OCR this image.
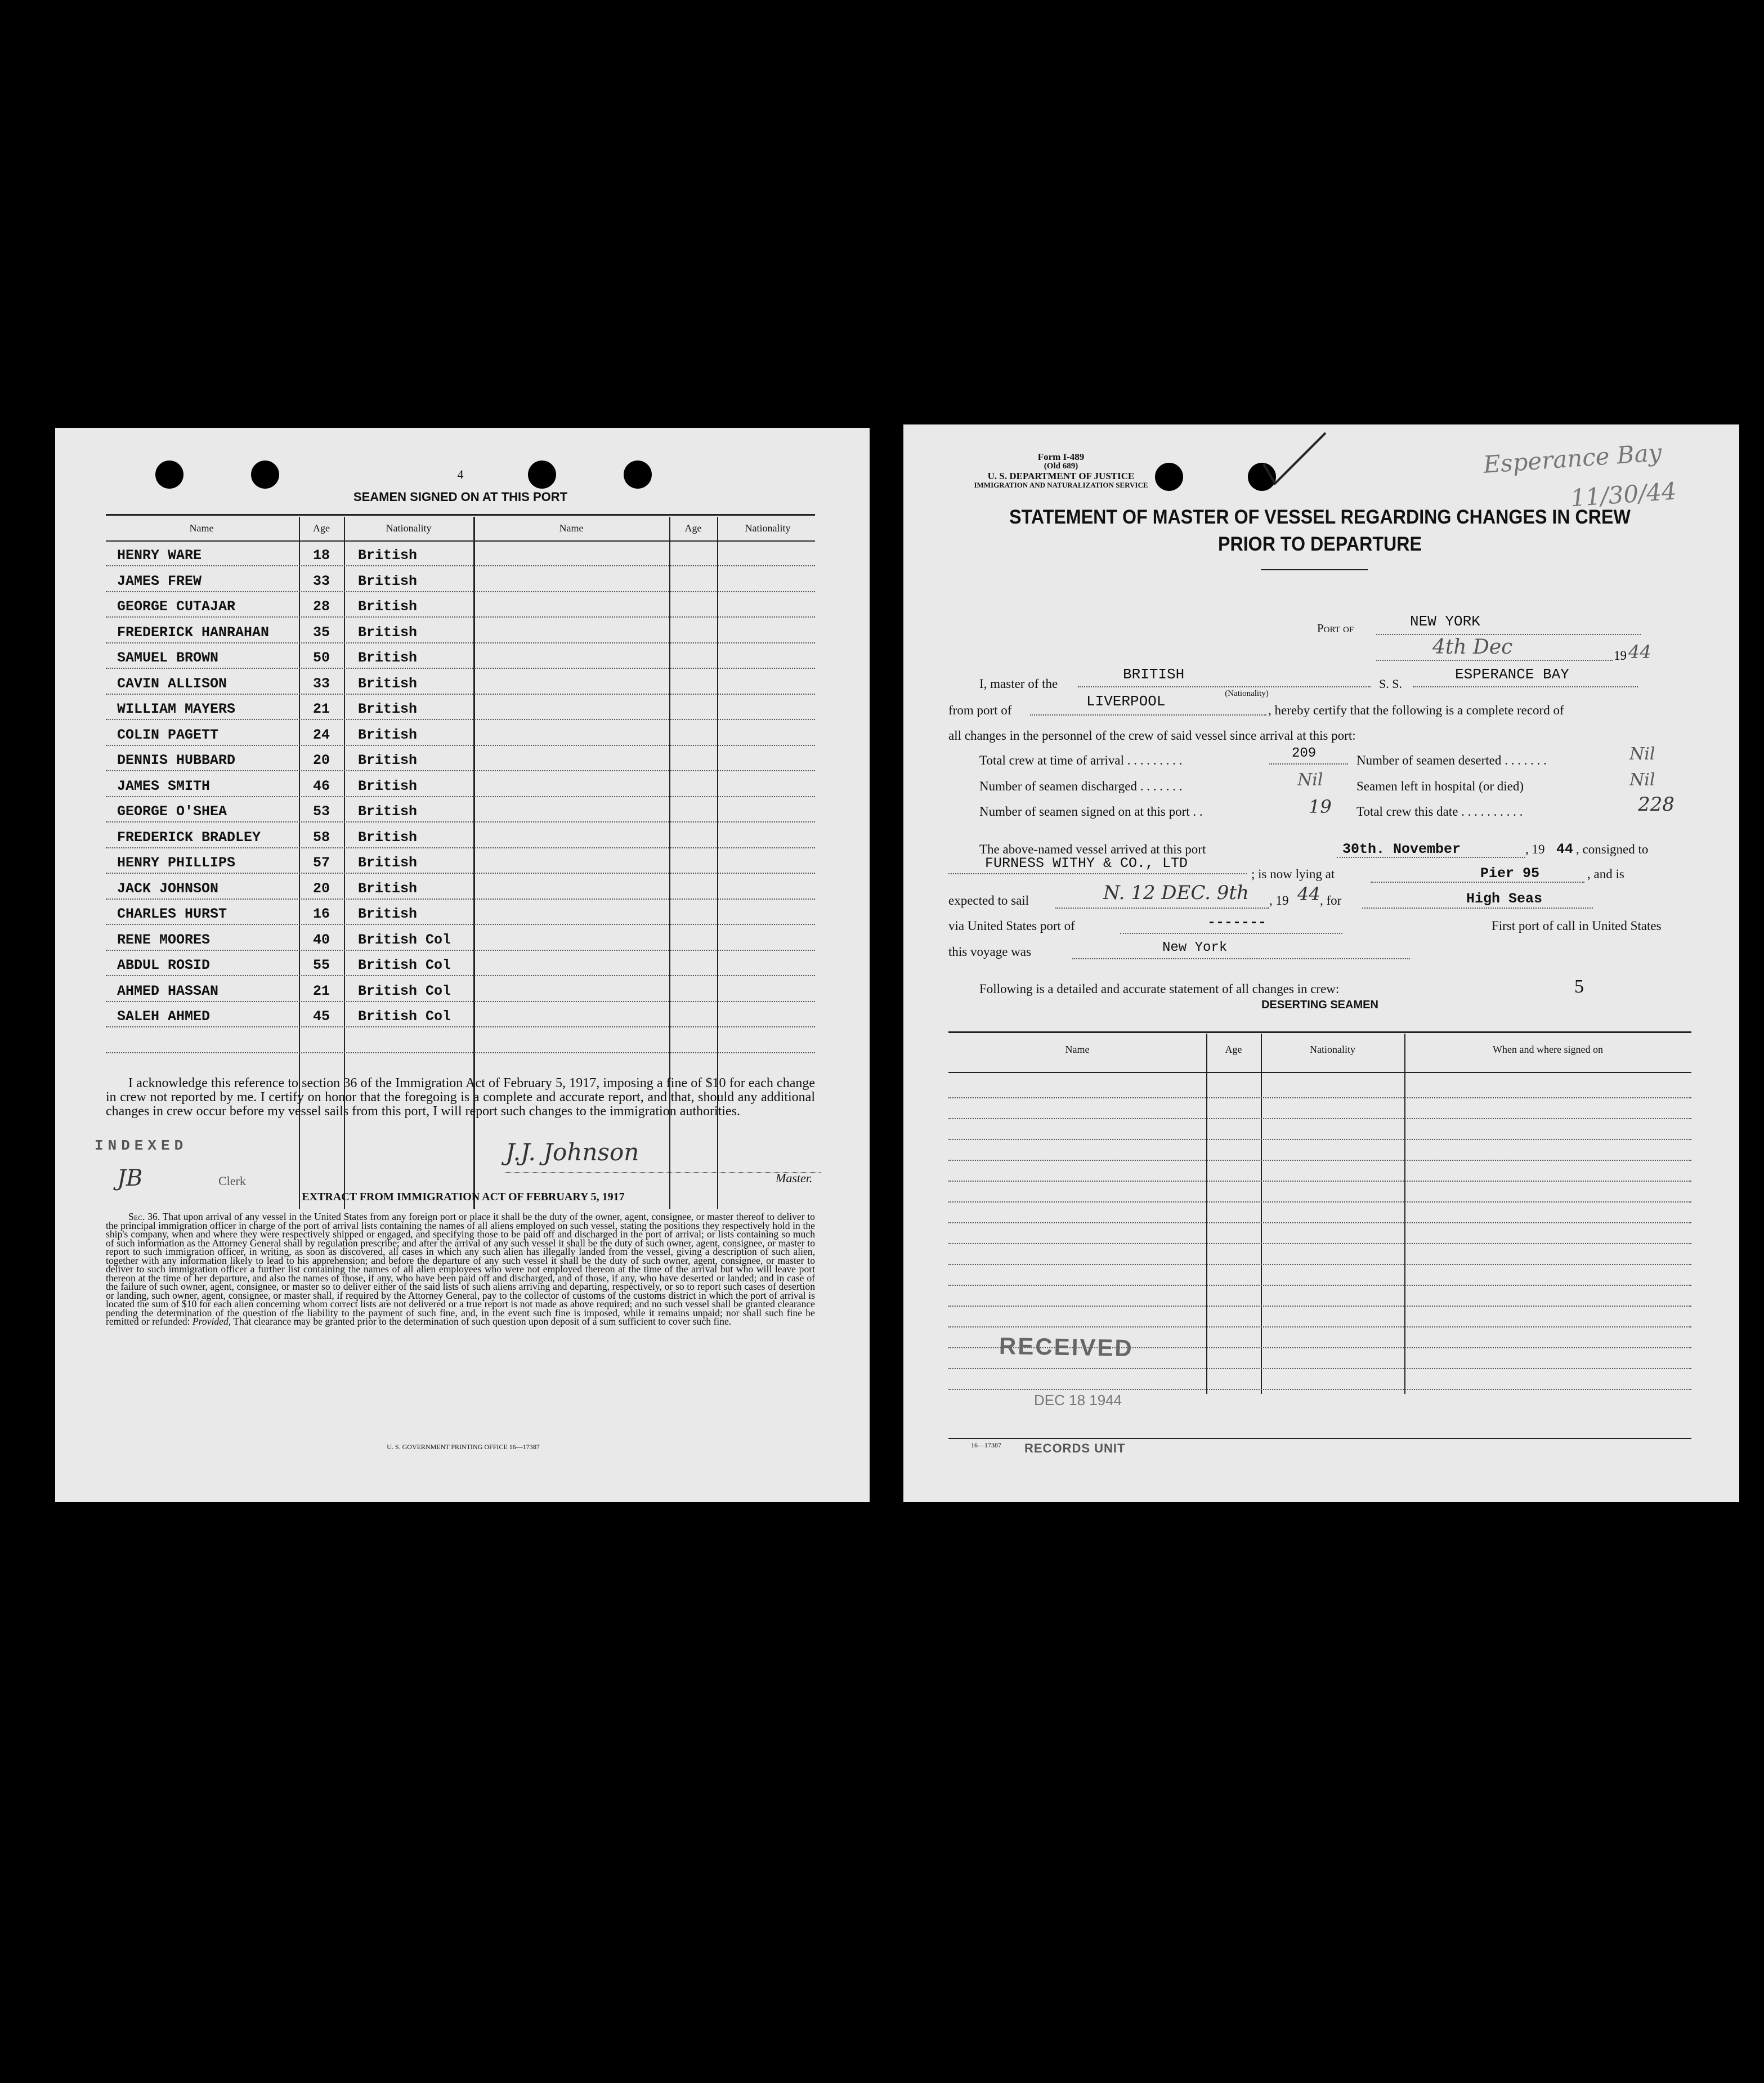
4
SEAMEN SIGNED ON AT THIS PORT
Name	Age	Nationality	Name	Age	Nationality
HENRY WARE	18	British
JAMES FREW	33	British
GEORGE CUTAJAR	28	British
FREDERICK HANRAHAN	35	British
SAMUEL BROWN	50	British
CAVIN ALLISON	33	British
WILLIAM MAYERS	21	British
COLIN PAGETT	24	British
DENNIS HUBBARD	20	British
JAMES SMITH	46	British
GEORGE O'SHEA	53	British
FREDERICK BRADLEY	58	British
HENRY PHILLIPS	57	British
JACK JOHNSON	20	British
CHARLES HURST	16	British
RENE MOORES	40	British Col
ABDUL ROSID	55	British Col
AHMED HASSAN	21	British Col
SALEH AHMED	45	British Col
I acknowledge this reference to section 36 of the Immigration Act of February 5, 1917, imposing a fine of $10 for each change in crew not reported by me. I certify on honor that the foregoing is a complete and accurate report, and that, should any additional changes in crew occur before my vessel sails from this port, I will report such changes to the immigration authorities.
INDEXED
JB	Clerk
J.J. Johnson
Master.
EXTRACT FROM IMMIGRATION ACT OF FEBRUARY 5, 1917
Sec. 36. That upon arrival of any vessel in the United States from any foreign port or place it shall be the duty of the owner, agent, consignee, or master thereof to deliver to the principal immigration officer in charge of the port of arrival lists containing the names of all aliens employed on such vessel, stating the positions they respectively hold in the ship's company, when and where they were respectively shipped or engaged, and specifying those to be paid off and discharged in the port of arrival; or lists containing so much of such information as the Attorney General shall by regulation prescribe; and after the arrival of any such vessel it shall be the duty of such owner, agent, consignee, or master to report to such immigration officer, in writing, as soon as discovered, all cases in which any such alien has illegally landed from the vessel, giving a description of such alien, together with any information likely to lead to his apprehension; and before the departure of any such vessel it shall be the duty of such owner, agent, consignee, or master to deliver to such immigration officer a further list containing the names of all alien employees who were not employed thereon at the time of the arrival but who will leave port thereon at the time of her departure, and also the names of those, if any, who have been paid off and discharged, and of those, if any, who have deserted or landed; and in case of the failure of such owner, agent, consignee, or master so to deliver either of the said lists of such aliens arriving and departing, respectively, or so to report such cases of desertion or landing, such owner, agent, consignee, or master shall, if required by the Attorney General, pay to the collector of customs of the customs district in which the port of arrival is located the sum of $10 for each alien concerning whom correct lists are not delivered or a true report is not made as above required; and no such vessel shall be granted clearance pending the determination of the question of the liability to the payment of such fine, and, in the event such fine is imposed, while it remains unpaid; nor shall such fine be remitted or refunded: Provided, That clearance may be granted prior to the determination of such question upon deposit of a sum sufficient to cover such fine.
U. S. GOVERNMENT PRINTING OFFICE 16—17387
Esperance Bay
11/30/44
Form I-489
(Old 689)
U. S. DEPARTMENT OF JUSTICE
IMMIGRATION AND NATURALIZATION SERVICE
STATEMENT OF MASTER OF VESSEL REGARDING CHANGES IN CREW
PRIOR TO DEPARTURE
Port of	NEW YORK
4th Dec	19 44
I, master of the
BRITISH
S. S.
ESPERANCE BAY
(Nationality)
from port of
LIVERPOOL
, hereby certify that the following is a complete record of
all changes in the personnel of the crew of said vessel since arrival at this port:
Total crew at time of arrival . . . . . . . . .	209	Number of seamen deserted . . . . . . .	Nil
Number of seamen discharged . . . . . . .	Nil	Seamen left in hospital (or died)	Nil
Number of seamen signed on at this port . .	19 Total crew this date . . . . . . . . . .	228
The above-named vessel arrived at this port	30th. November	, 19 44 , consigned to
FURNESS WITHY & CO., LTD
; is now lying at	Pier 95	, and is
expected to sail	N. 12 DEC. 9th , 19 44 , for	High Seas
via United States port of	-------	First port of call in United States
this voyage was	New York
Following is a detailed and accurate statement of all changes in crew:	5
DESERTING SEAMEN
Name	Age	Nationality	When and where signed on
RECEIVED
DEC 18 1944
16—17387 RECORDS UNIT
